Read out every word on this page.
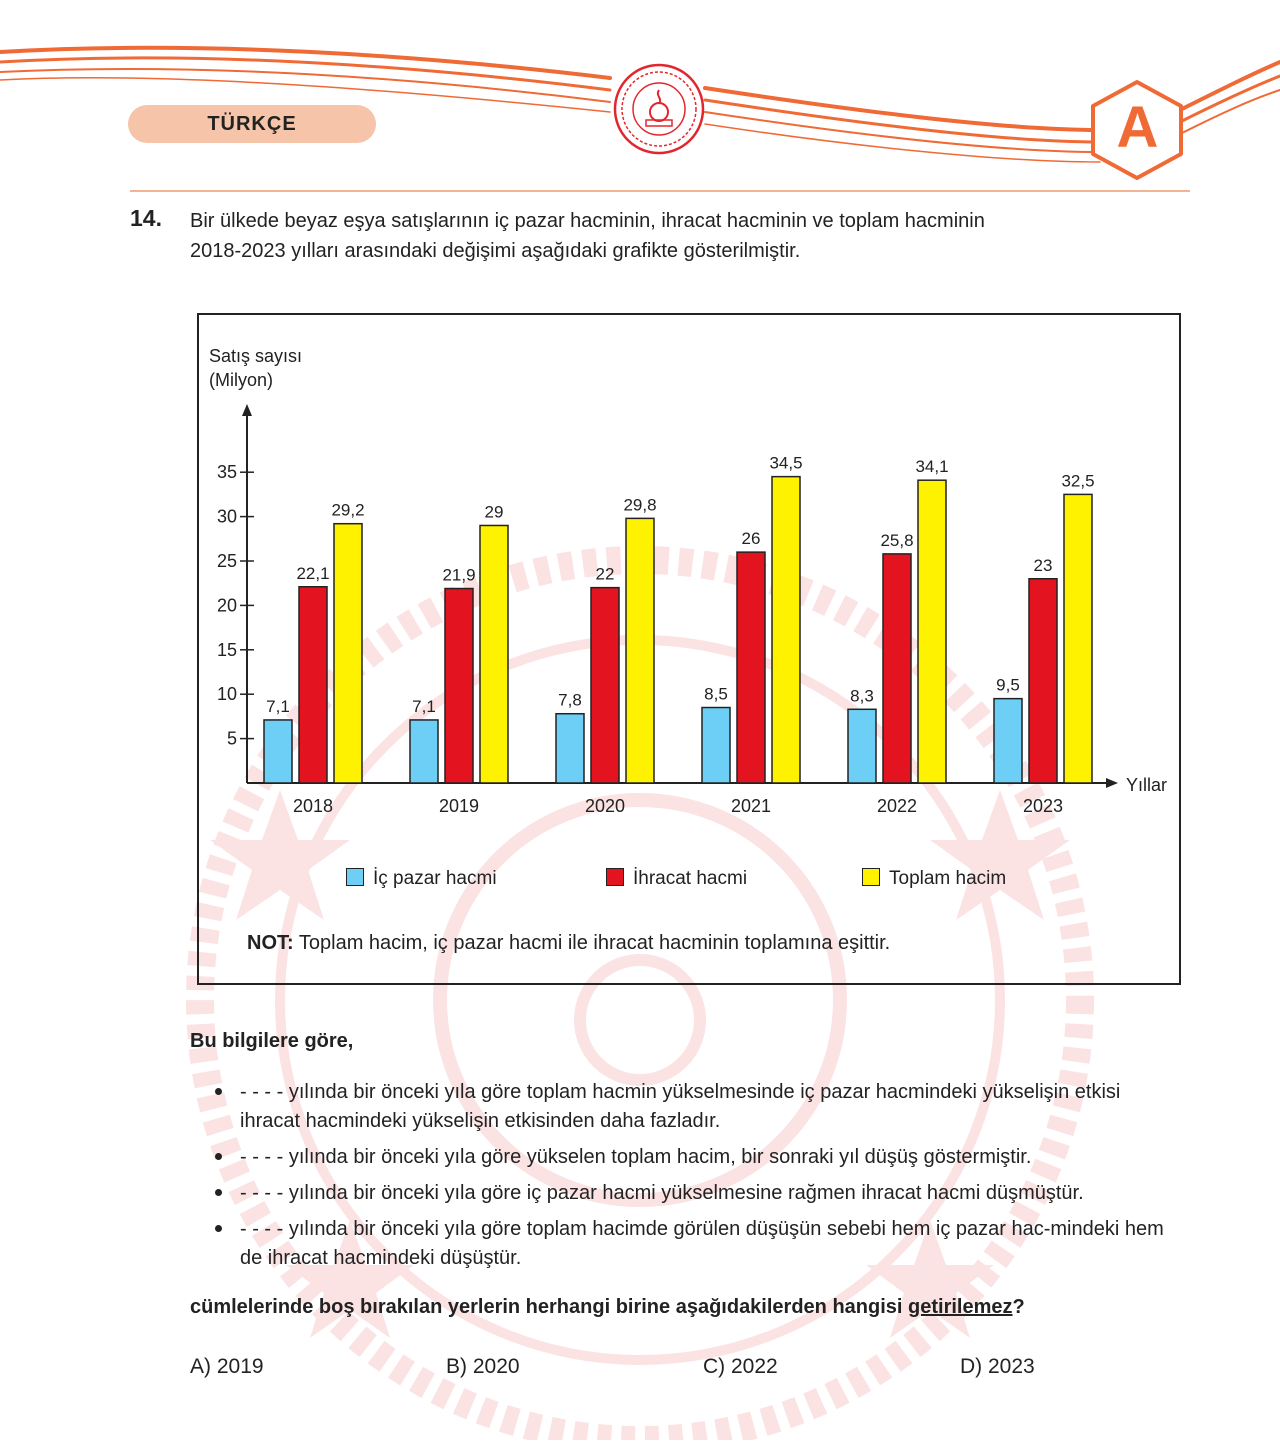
A
TÜRKÇE
14. Bir ülkede beyaz eşya satışlarının iç pazar hacminin, ihracat hacminin ve toplam hacminin
2018-2023 yılları arasındaki değişimi aşağıdaki grafikte gösterilmiştir.
Satış sayısı
(Milyon)
Yıllar
5
10
15
20
25
30
35
7,1
22,1
29,2
2018
7,1
21,9
29
2019
7,8
22
29,8
2020
8,5
26
34,5
2021
8,3
25,8
34,1
2022
9,5
23
32,5
2023
İç pazar hacmi	İhracat hacmi	Toplam hacim
NOT: Toplam hacim, iç pazar hacmi ile ihracat hacminin toplamına eşittir.
Bu bilgilere göre,
- - - - yılında bir önceki yıla göre toplam hacmin yükselmesinde iç pazar hacmindeki yükselişin etkisi ihracat hacmindeki yükselişin etkisinden daha fazladır.
- - - - yılında bir önceki yıla göre yükselen toplam hacim, bir sonraki yıl düşüş göstermiştir.
- - - - yılında bir önceki yıla göre iç pazar hacmi yükselmesine rağmen ihracat hacmi düşmüştür.
- - - - yılında bir önceki yıla göre toplam hacimde görülen düşüşün sebebi hem iç pazar hac-mindeki hem de ihracat hacmindeki düşüştür.
cümlelerinde boş bırakılan yerlerin herhangi birine aşağıdakilerden hangisi getirilemez?
A) 2019	B) 2020	C) 2022	D) 2023
